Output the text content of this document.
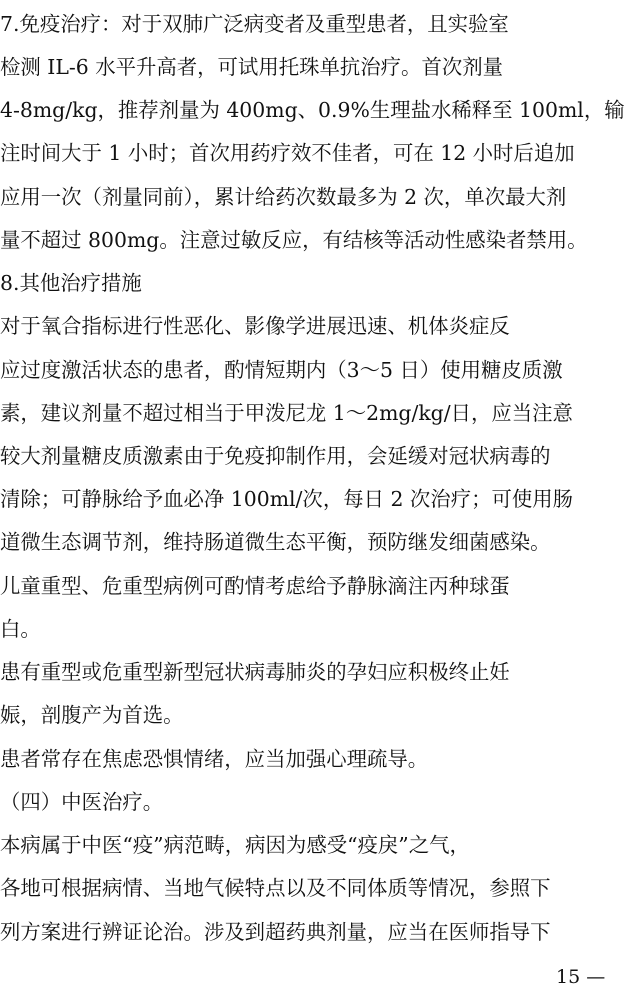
7.免疫治疗：对于双肺广泛病变者及重型患者，且实验室
检测 IL-6 水平升高者，可试用托珠单抗治疗。首次剂量
4-8mg/kg，推荐剂量为 400mg、0.9%生理盐水稀释至 100ml，输
注时间大于 1 小时；首次用药疗效不佳者，可在 12 小时后追加
应用一次（剂量同前），累计给药次数最多为 2 次，单次最大剂
量不超过 800mg。注意过敏反应，有结核等活动性感染者禁用。
8.其他治疗措施
对于氧合指标进行性恶化、影像学进展迅速、机体炎症反
应过度激活状态的患者，酌情短期内（3～5 日）使用糖皮质激
素，建议剂量不超过相当于甲泼尼龙 1～2mg/kg/日，应当注意
较大剂量糖皮质激素由于免疫抑制作用，会延缓对冠状病毒的
清除；可静脉给予血必净 100ml/次，每日 2 次治疗；可使用肠
道微生态调节剂，维持肠道微生态平衡，预防继发细菌感染。
儿童重型、危重型病例可酌情考虑给予静脉滴注丙种球蛋
白。
患有重型或危重型新型冠状病毒肺炎的孕妇应积极终止妊
娠，剖腹产为首选。
患者常存在焦虑恐惧情绪，应当加强心理疏导。
（四）中医治疗。
本病属于中医“疫”病范畴，病因为感受“疫戾”之气，
各地可根据病情、当地气候特点以及不同体质等情况，参照下
列方案进行辨证论治。涉及到超药典剂量，应当在医师指导下
15 —
